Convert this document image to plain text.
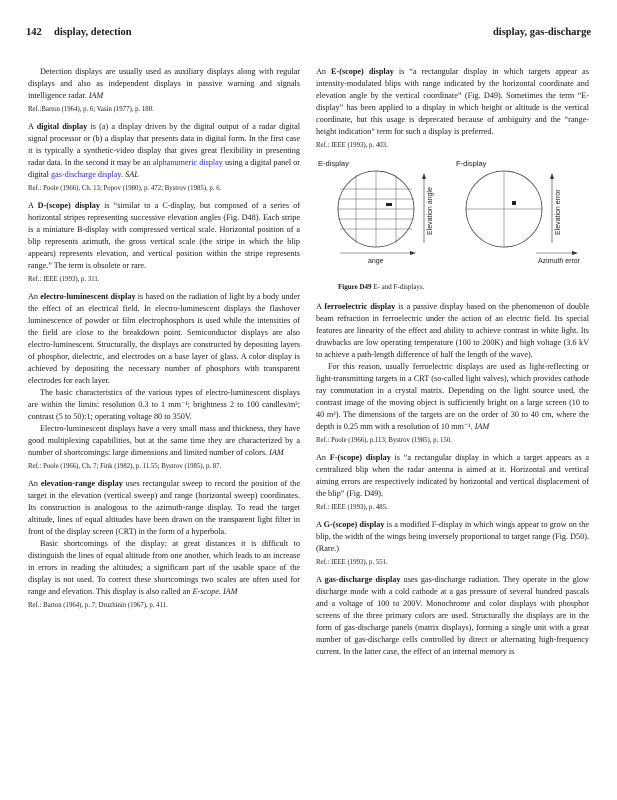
142 display, detection	display, gas-discharge

Detection displays are usually used as auxiliary displays along with regular displays and also as independent displays in passive warning and signals intelligence radar. IAM

Ref.:Barton (1964), p. 6; Vasin (1977), p. 180.

A digital display is (a) a display driven by the digital output of a radar digital signal processor or (b) a display that presents data in digital form. In the first case it is typically a synthetic-video display that gives great flexibility in presenting radar data. In the second it may be an alphanumeric display using a digital panel or digital gas-discharge display. SAL

Ref.: Poole (1966), Ch. 13; Popov (1980), p. 472; Bystrov (1985), p. 6.

A D-(scope) display is “similar to a C-display, but composed of a series of horizontal stripes representing successive elevation angles (Fig. D48). Each stripe is a miniature B-display with compressed vertical scale. Horizontal position of a blip represents azimuth, the gross vertical scale (the stripe in which the blip appears) represents elevation, and vertical position within the stripe represents range.” The term is obsolete or rare.

Ref.: IEEE (1993), p. 311.

An electro-luminescent display is based on the radiation of light by a body under the effect of an electrical field. In electro-luminescent displays the flashover luminescence of powder or film electrophosphors is used while the intensities of the field are close to the breakdown point. Semiconductor displays are also electro-luminescent. Structurally, the displays are constructed by depositing layers of phosphor, dielectric, and electrodes on a base layer of glass. A color display is achieved by depositing the necessary number of phosphors with transparent electrodes for each layer.

The basic characteristics of the various types of electro-luminescent displays are within the limits: resolution 0.3 to 1 mm⁻¹; brightness 2 to 100 candles/m²; contrast (5 to 50):1; operating voltage 80 to 350V.

Electro-luminescent displays have a very small mass and thickness, they have good multiplexing capabilities, but at the same time they are characterized by a number of shortcomings: large dimensions and limited number of colors. IAM

Ref.: Poole (1966), Ch. 7; Fink (1982), p. 11.55; Bystrov (1985), p. 87.

An elevation-range display uses rectangular sweep to record the position of the target in the elevation (vertical sweep) and range (horizontal sweep) coordinates. Its construction is analogous to the azimuth-range display. To read the target altitude, lines of equal altitudes have been drawn on the transparent light filter in front of the display screen (CRT) in the form of a hyperbola.

Basic shortcomings of the display: at great distances it is difficult to distinguish the lines of equal altitude from one another, which leads to an increase in errors in reading the altitudes; a significant part of the usable space of the display is not used. To correct these shortcomings two scales are often used for range and elevation. This display is also called an E-scope. IAM

Ref.: Barton (1964), p. 7; Druzhinin (1967), p. 411.

An E-(scope) display is “a rectangular display in which targets appear as intensity-modulated blips with range indicated by the horizontal coordinate and elevation angle by the vertical coordinate” (Fig. D49). Sometimes the term “E-display” has been applied to a display in which height or altitude is the vertical coordinate, but this usage is deprecated because of ambiguity and the “range-height indication” term for such a display is preferred.

Ref.: IEEE (1993), p. 403.

E-display
Elevation angle
ange
F-display
Elevation error
Azimuth error

Figure D49 E- and F-displays.

A ferroelectric display is a passive display based on the phenomenon of double beam refraction in ferroelectric under the action of an electric field. Its special features are linearity of the effect and ability to achieve contrast in white light. Its drawbacks are low operating temperature (100 to 200K) and high voltage (3.6 kV to achieve a path-length difference of half the length of the wave).

For this reason, usually ferroelectric displays are used as light-reflecting or light-transmitting targets in a CRT (so-called light valves), which provides cathode ray commutation in a crystal matrix. Depending on the light source used, the contrast image of the moving object is sufficiently bright on a large screen (10 to 40 m²). The dimensions of the targets are on the order of 30 to 40 cm, where the depth is 0.25 mm with a resolution of 10 mm⁻¹. IAM

Ref.: Poole (1966), p.113; Bystrov (1985), p. 150.

An F-(scope) display is “a rectangular display in which a target appears as a centralized blip when the radar antenna is aimed at it. Horizontal and vertical aiming errors are respectively indicated by horizontal and vertical displacement of the blip” (Fig. D49).

Ref.: IEEE (1993), p. 485.

A G-(scope) display is a modified F-display in which wings appear to grow on the blip, the width of the wings being inversely proportional to target range (Fig. D50). (Rare.)

Ref.: IEEE (1993), p. 551.

A gas-discharge display uses gas-discharge radiation. They operate in the glow discharge mode with a cold cathode at a gas pressure of several hundred pascals and a voltage of 100 to 200V. Monochrome and color displays with phosphor screens of the three primary colors are used. Structurally the displays are in the form of gas-discharge panels (matrix displays), forming a single unit with a great number of gas-discharge cells controlled by direct or alternating high-frequency current. In the latter case, the effect of an internal memory is
